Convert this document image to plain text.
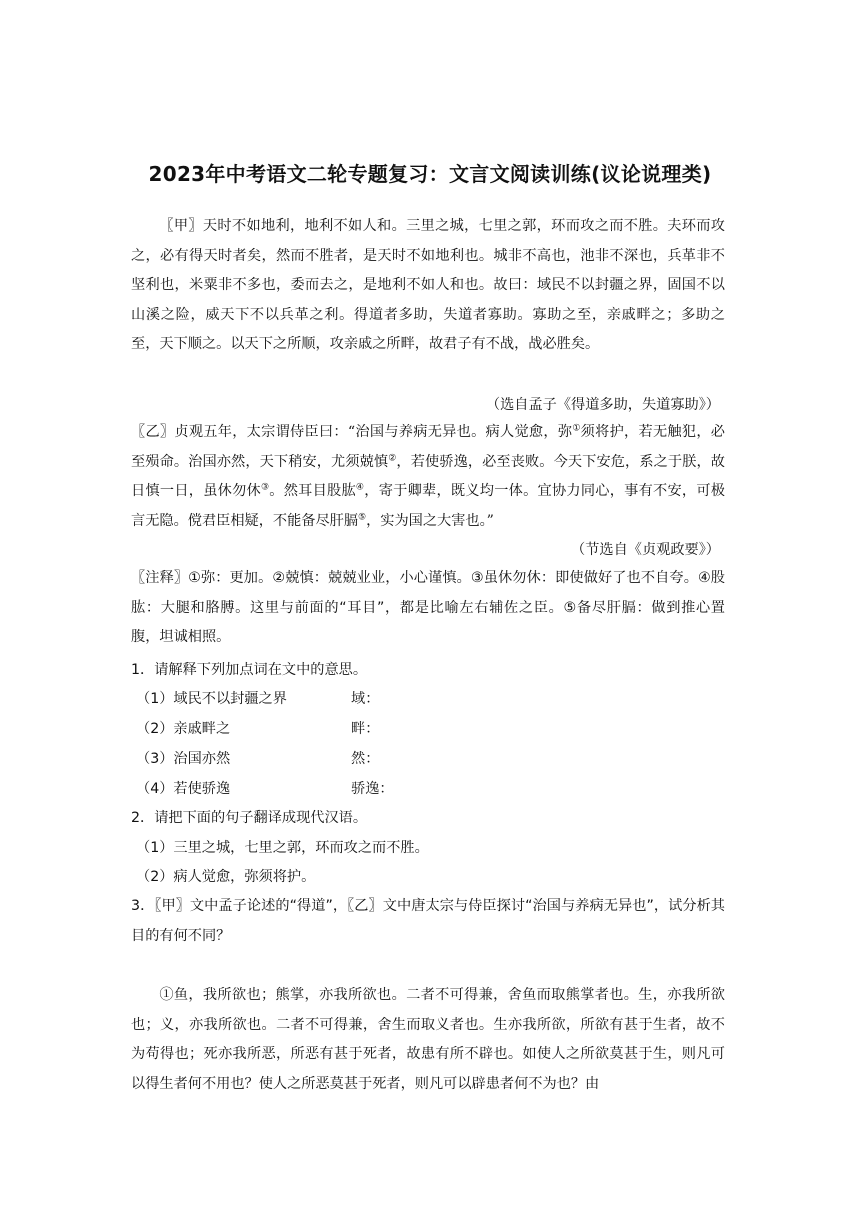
2023年中考语文二轮专题复习：文言文阅读训练(议论说理类)

〖甲〗天时不如地利，地利不如人和。三里之城，七里之郭，环而攻之而不胜。夫环而攻之，必有得天时者矣，然而不胜者，是天时不如地利也。城非不高也，池非不深也，兵革非不坚利也，米粟非不多也，委而去之，是地利不如人和也。故曰：域民不以封疆之界，固国不以山溪之险，威天下不以兵革之利。得道者多助，失道者寡助。寡助之至，亲戚畔之；多助之至，天下顺之。以天下之所顺，攻亲戚之所畔，故君子有不战，战必胜矣。

（选自孟子《得道多助，失道寡助》）

〖乙〗贞观五年，太宗谓侍臣曰：“治国与养病无异也。病人觉愈，弥①须将护，若无触犯，必至殒命。治国亦然，天下稍安，尤须兢慎②，若使骄逸，必至丧败。今天下安危，系之于朕，故日慎一日，虽休勿休③。然耳目股肱④，寄于卿辈，既义均一体。宜协力同心，事有不安，可极言无隐。傥君臣相疑，不能备尽肝膈⑤，实为国之大害也。”

（节选自《贞观政要》）

〖注释〗①弥：更加。②兢慎：兢兢业业，小心谨慎。③虽休勿休：即使做好了也不自夸。④股肱：大腿和胳膊。这里与前面的“耳目”，都是比喻左右辅佐之臣。⑤备尽肝膈：做到推心置腹，坦诚相照。

1．请解释下列加点词在文中的意思。
（1）域民不以封疆之界	域：
（2）亲戚畔之	畔：
（3）治国亦然	然：
（4）若使骄逸	骄逸：
2．请把下面的句子翻译成现代汉语。
（1）三里之城，七里之郭，环而攻之而不胜。
（2）病人觉愈，弥须将护。

3．〖甲〗文中孟子论述的“得道”，〖乙〗文中唐太宗与侍臣探讨“治国与养病无异也”，试分析其目的有何不同？

①鱼，我所欲也；熊掌，亦我所欲也。二者不可得兼，舍鱼而取熊掌者也。生，亦我所欲也；义，亦我所欲也。二者不可得兼，舍生而取义者也。生亦我所欲，所欲有甚于生者，故不为苟得也；死亦我所恶，所恶有甚于死者，故患有所不辟也。如使人之所欲莫甚于生，则凡可以得生者何不用也？使人之所恶莫甚于死者，则凡可以辟患者何不为也？由
